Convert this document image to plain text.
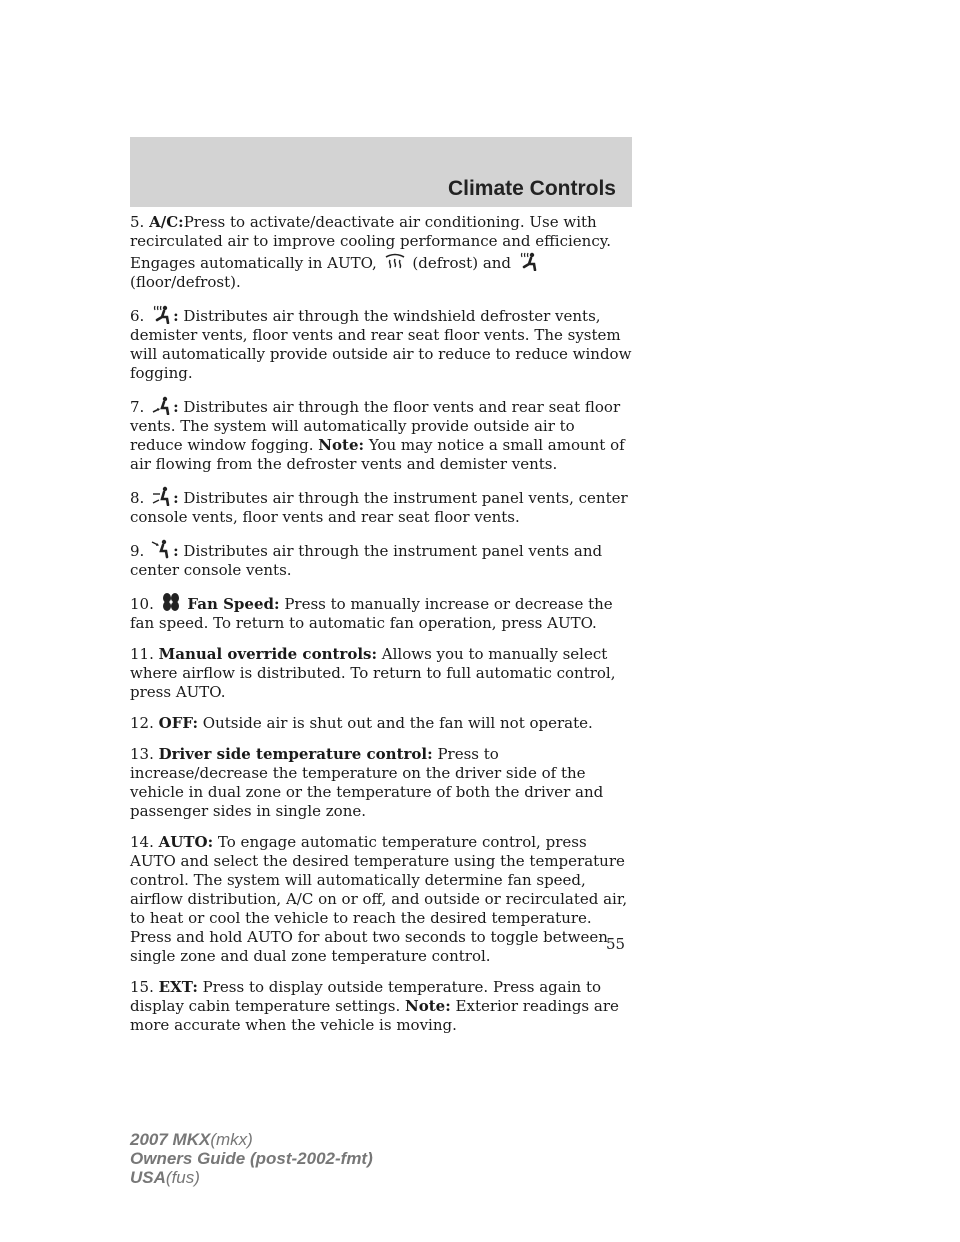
Climate Controls

5. A/C:Press to activate/deactivate air conditioning. Use with recirculated air to improve cooling performance and efficiency. Engages automatically in AUTO, (defrost) and
(floor/defrost).

6. : Distributes air through the windshield defroster vents, demister vents, floor vents and rear seat floor vents. The system will automatically provide outside air to reduce to reduce window fogging.

7. : Distributes air through the floor vents and rear seat floor vents. The system will automatically provide outside air to reduce window fogging. Note: You may notice a small amount of air flowing from the defroster vents and demister vents.

8. : Distributes air through the instrument panel vents, center console vents, floor vents and rear seat floor vents.

9. : Distributes air through the instrument panel vents and center console vents.

10. Fan Speed: Press to manually increase or decrease the fan speed. To return to automatic fan operation, press AUTO.

11. Manual override controls: Allows you to manually select where airflow is distributed. To return to full automatic control, press AUTO.

12. OFF: Outside air is shut out and the fan will not operate.

13. Driver side temperature control: Press to increase/decrease the temperature on the driver side of the vehicle in dual zone or the temperature of both the driver and passenger sides in single zone.

14. AUTO: To engage automatic temperature control, press AUTO and select the desired temperature using the temperature control. The system will automatically determine fan speed, airflow distribution, A/C on or off, and outside or recirculated air, to heat or cool the vehicle to reach the desired temperature. Press and hold AUTO for about two seconds to toggle between single zone and dual zone temperature control.

15. EXT: Press to display outside temperature. Press again to display cabin temperature settings. Note: Exterior readings are more accurate when the vehicle is moving.

55
2007 MKX(mkx)
Owners Guide (post-2002-fmt)
USA(fus)
